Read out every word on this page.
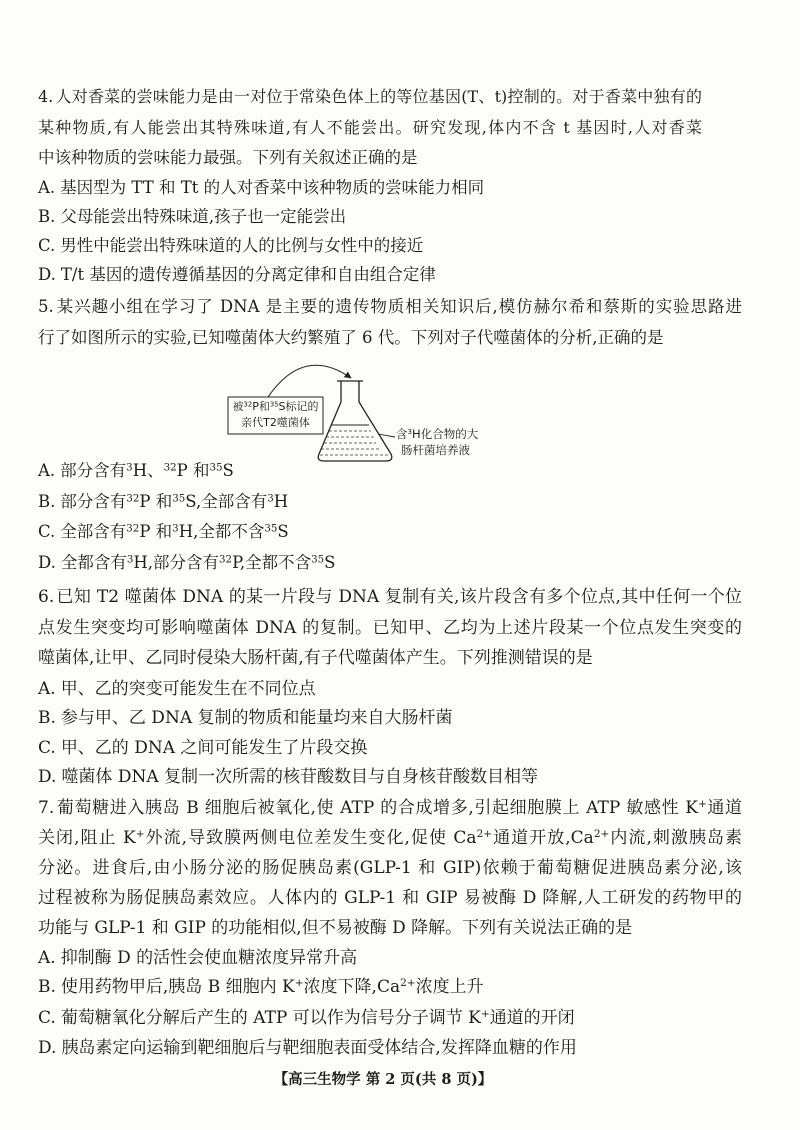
4. 人对香菜的尝味能力是由一对位于常染色体上的等位基因(T、t)控制的。对于香菜中独有的
某种物质,有人能尝出其特殊味道,有人不能尝出。研究发现,体内不含 t 基因时,人对香菜
中该种物质的尝味能力最强。下列有关叙述正确的是
A. 基因型为 TT 和 Tt 的人对香菜中该种物质的尝味能力相同
B. 父母能尝出特殊味道,孩子也一定能尝出
C. 男性中能尝出特殊味道的人的比例与女性中的接近
D. T/t 基因的遗传遵循基因的分离定律和自由组合定律
5. 某兴趣小组在学习了 DNA 是主要的遗传物质相关知识后,模仿赫尔希和蔡斯的实验思路进
行了如图所示的实验,已知噬菌体大约繁殖了 6 代。下列对子代噬菌体的分析,正确的是
被$^{32}$P和$^{35}$S标记的
亲代T2噬菌体
含$^3$H化合物的大
肠杆菌培养液
A. 部分含有$^3$H、$^{32}$P 和$^{35}$S
B. 部分含有$^{32}$P 和$^{35}$S,全部含有$^3$H
C. 全部含有$^{32}$P 和$^3$H,全都不含$^{35}$S
D. 全都含有$^3$H,部分含有$^{32}$P,全都不含$^{35}$S
6. 已知 T2 噬菌体 DNA 的某一片段与 DNA 复制有关,该片段含有多个位点,其中任何一个位
点发生突变均可影响噬菌体 DNA 的复制。已知甲、乙均为上述片段某一个位点发生突变的
噬菌体,让甲、乙同时侵染大肠杆菌,有子代噬菌体产生。下列推测错误的是
A. 甲、乙的突变可能发生在不同位点
B. 参与甲、乙 DNA 复制的物质和能量均来自大肠杆菌
C. 甲、乙的 DNA 之间可能发生了片段交换
D. 噬菌体 DNA 复制一次所需的核苷酸数目与自身核苷酸数目相等
7. 葡萄糖进入胰岛 B 细胞后被氧化,使 ATP 的合成增多,引起细胞膜上 ATP 敏感性 K+通道
关闭,阻止 K+外流,导致膜两侧电位差发生变化,促使 $Ca^{2+}$通道开放$,Ca^{2+}$内流,刺激胰岛素
分泌。进食后,由小肠分泌的肠促胰岛素(GLP-1 和 GIP)依赖于葡萄糖促进胰岛素分泌,该
过程被称为肠促胰岛素效应。人体内的 GLP-1 和 GIP 易被酶 D 降解,人工研发的药物甲的
功能与 GLP-1 和 GIP 的功能相似,但不易被酶 D 降解。下列有关说法正确的是
A. 抑制酶 D 的活性会使血糖浓度异常升高
B. 使用药物甲后,胰岛 B 细胞内 K+浓度下降$,Ca^{2+}$浓度上升
C. 葡萄糖氧化分解后产生的 ATP 可以作为信号分子调节 K+通道的开闭
D. 胰岛素定向运输到靶细胞后与靶细胞表面受体结合,发挥降血糖的作用
【高三生物学 第 2 页(共 8 页)】
